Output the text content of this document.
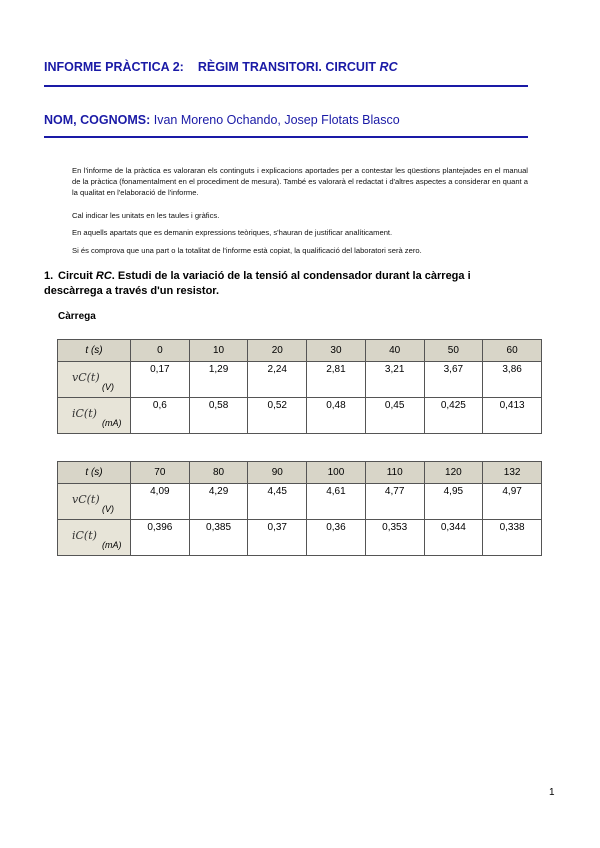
INFORME PRÀCTICA 2: RÈGIM TRANSITORI. CIRCUIT RC
NOM, COGNOMS: Ivan Moreno Ochando, Josep Flotats Blasco
En l'informe de la pràctica es valoraran els continguts i explicacions aportades per a contestar les qüestions plantejades en el manual de la pràctica (fonamentalment en el procediment de mesura). També es valorarà el redactat i d'altres aspectes a considerar en quant a la qualitat en l'elaboració de l'informe.
Cal indicar les unitats en les taules i gràfics.
En aquells apartats que es demanin expressions teòriques, s'hauran de justificar analíticament.
Si és comprova que una part o la totalitat de l'informe està copiat, la qualificació del laboratori serà zero.
1. Circuit RC. Estudi de la variació de la tensió al condensador durant la càrrega i descàrrega a través d'un resistor.
Càrrega
t (s)	0	10	20	30	40	50	60

vC(t)
(V)	0,17	1,29	2,24	2,81	3,21	3,67	3,86

iC(t)
(mA)	0,6	0,58	0,52	0,48	0,45	0,425	0,413
t (s)	70	80	90	100	110	120	132

vC(t)
(V)	4,09	4,29	4,45	4,61	4,77	4,95	4,97

iC(t)
(mA)	0,396	0,385	0,37	0,36	0,353	0,344	0,338
1
